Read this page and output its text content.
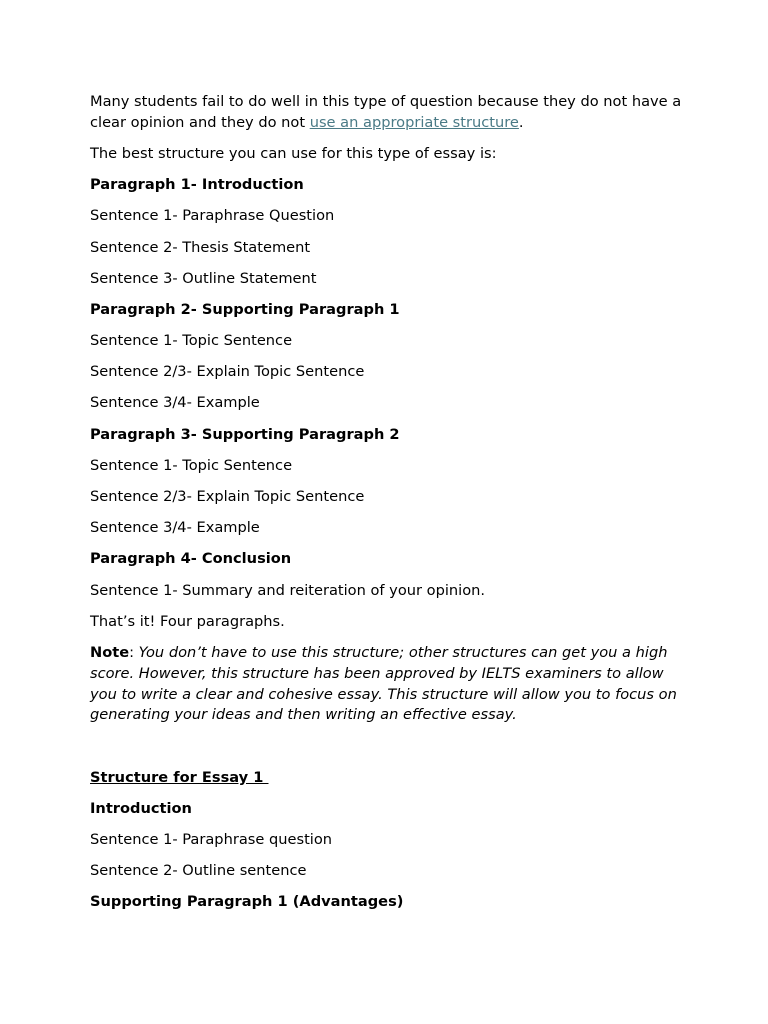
Many students fail to do well in this type of question because they do not have a clear opinion and they do not use an appropriate structure.

The best structure you can use for this type of essay is:

Paragraph 1- Introduction

Sentence 1- Paraphrase Question

Sentence 2- Thesis Statement

Sentence 3- Outline Statement

Paragraph 2- Supporting Paragraph 1

Sentence 1- Topic Sentence

Sentence 2/3- Explain Topic Sentence

Sentence 3/4- Example

Paragraph 3- Supporting Paragraph 2

Sentence 1- Topic Sentence

Sentence 2/3- Explain Topic Sentence

Sentence 3/4- Example

Paragraph 4- Conclusion

Sentence 1- Summary and reiteration of your opinion.

That’s it! Four paragraphs.

Note: You don’t have to use this structure; other structures can get you a high score. However, this structure has been approved by IELTS examiners to allow you to write a clear and cohesive essay. This structure will allow you to focus on generating your ideas and then writing an effective essay.

Structure for Essay 1

Introduction

Sentence 1- Paraphrase question

Sentence 2- Outline sentence

Supporting Paragraph 1 (Advantages)
